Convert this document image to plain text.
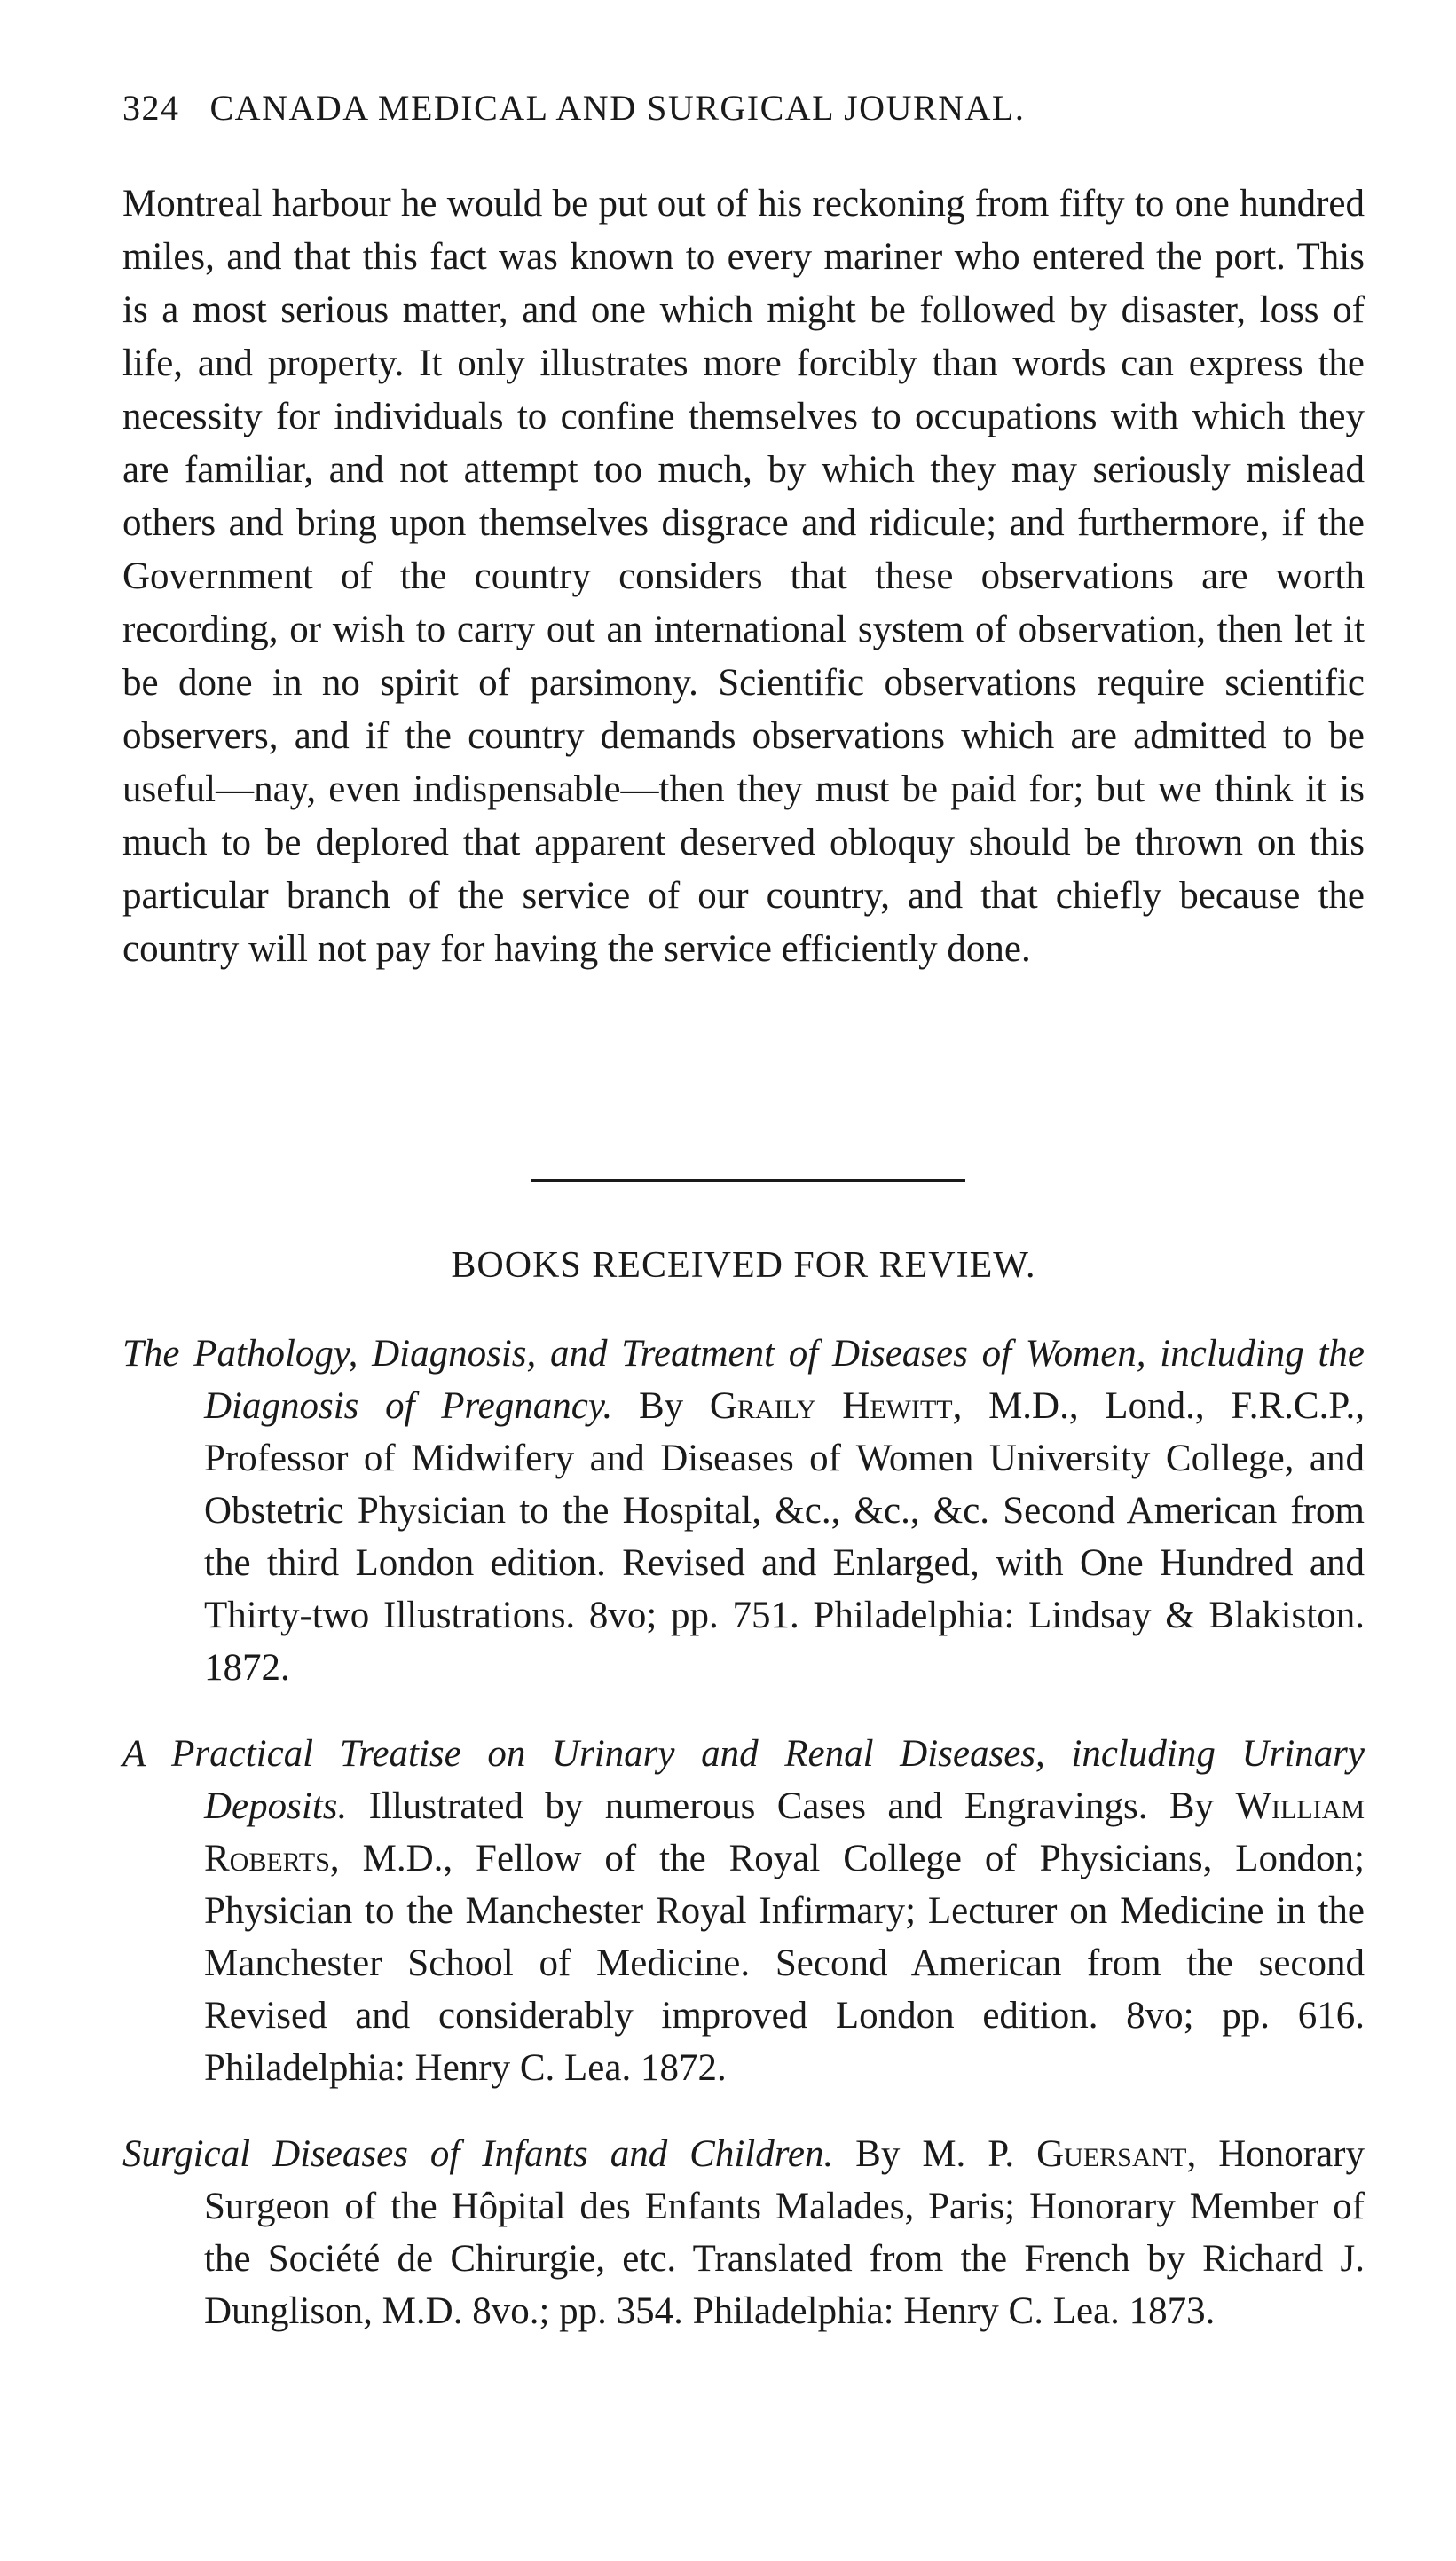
324 CANADA MEDICAL AND SURGICAL JOURNAL.
Montreal harbour he would be put out of his reckoning from fifty to one hundred miles, and that this fact was known to every mariner who entered the port. This is a most serious matter, and one which might be followed by disaster, loss of life, and property. It only illustrates more forcibly than words can express the necessity for individuals to confine themselves to occupations with which they are familiar, and not attempt too much, by which they may seriously mislead others and bring upon themselves disgrace and ridicule; and furthermore, if the Government of the country considers that these observations are worth recording, or wish to carry out an international system of observation, then let it be done in no spirit of parsimony. Scientific observations require scientific observers, and if the country demands observations which are admitted to be useful—nay, even indispensable—then they must be paid for; but we think it is much to be deplored that apparent deserved obloquy should be thrown on this particular branch of the service of our country, and that chiefly because the country will not pay for having the service efficiently done.
BOOKS RECEIVED FOR REVIEW.

The Pathology, Diagnosis, and Treatment of Diseases of Women, including the Diagnosis of Pregnancy. By Graily Hewitt, M.D., Lond., F.R.C.P., Professor of Midwifery and Diseases of Women University College, and Obstetric Physician to the Hospital, &c., &c., &c. Second American from the third London edition. Revised and Enlarged, with One Hundred and Thirty-two Illustrations. 8vo; pp. 751. Philadelphia: Lindsay & Blakiston. 1872.

A Practical Treatise on Urinary and Renal Diseases, including Urinary Deposits. Illustrated by numerous Cases and Engravings. By William Roberts, M.D., Fellow of the Royal College of Physicians, London; Physician to the Manchester Royal Infirmary; Lecturer on Medicine in the Manchester School of Medicine. Second American from the second Revised and considerably improved London edition. 8vo; pp. 616. Philadelphia: Henry C. Lea. 1872.

Surgical Diseases of Infants and Children. By M. P. Guersant, Honorary Surgeon of the Hôpital des Enfants Malades, Paris; Honorary Member of the Société de Chirurgie, etc. Translated from the French by Richard J. Dunglison, M.D. 8vo.; pp. 354. Philadelphia: Henry C. Lea. 1873.
